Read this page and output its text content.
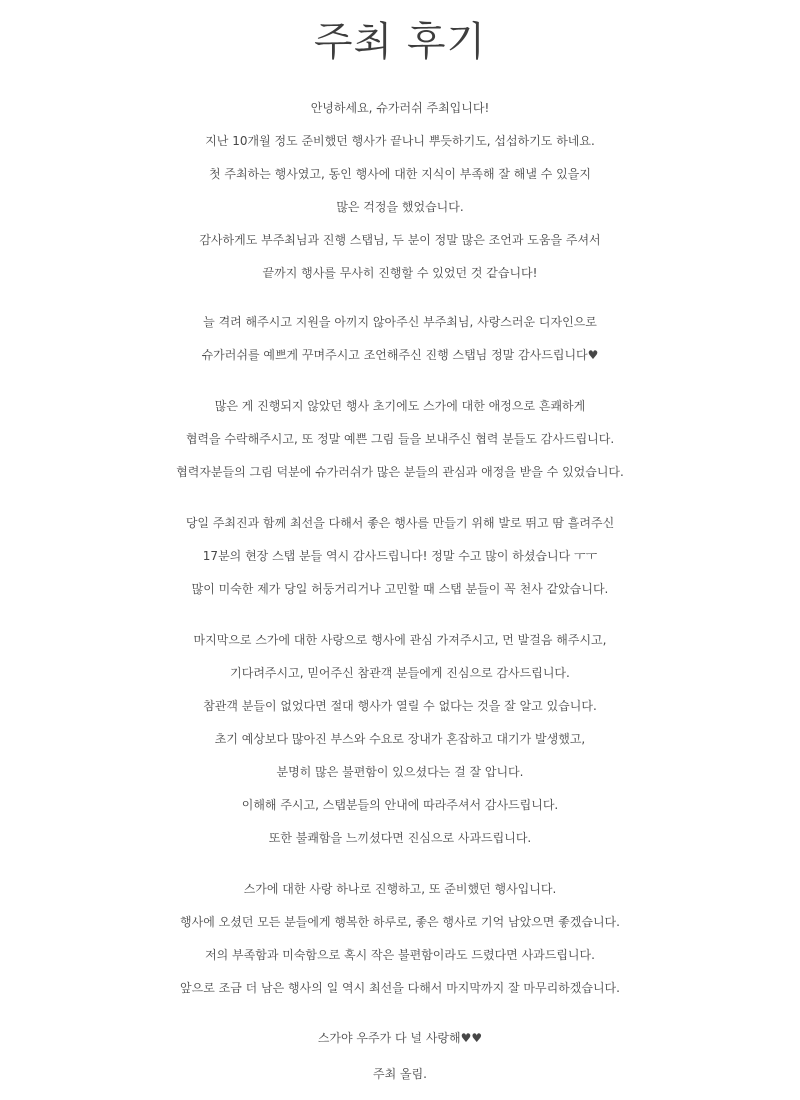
주최 후기
안녕하세요, 슈가러쉬 주최입니다!
지난 10개월 정도 준비했던 행사가 끝나니 뿌듯하기도, 섭섭하기도 하네요.
첫 주최하는 행사였고, 동인 행사에 대한 지식이 부족해 잘 해낼 수 있을지
많은 걱정을 했었습니다.
감사하게도 부주최님과 진행 스탭님, 두 분이 정말 많은 조언과 도움을 주셔서
끝까지 행사를 무사히 진행할 수 있었던 것 같습니다!
늘 격려 해주시고 지원을 아끼지 않아주신 부주최님, 사랑스러운 디자인으로
슈가러쉬를 예쁘게 꾸며주시고 조언해주신 진행 스탭님 정말 감사드립니다♥
많은 게 진행되지 않았던 행사 초기에도 스가에 대한 애정으로 흔쾌하게
협력을 수락해주시고, 또 정말 예쁜 그림 들을 보내주신 협력 분들도 감사드립니다.
협력자분들의 그림 덕분에 슈가러쉬가 많은 분들의 관심과 애정을 받을 수 있었습니다.
당일 주최진과 함께 최선을 다해서 좋은 행사를 만들기 위해 발로 뛰고 땀 흘려주신
17분의 현장 스탭 분들 역시 감사드립니다! 정말 수고 많이 하셨습니다 ㅜㅜ
많이 미숙한 제가 당일 허둥거리거나 고민할 때 스탭 분들이 꼭 천사 같았습니다.
마지막으로 스가에 대한 사랑으로 행사에 관심 가져주시고, 먼 발걸음 해주시고,
기다려주시고, 믿어주신 참관객 분들에게 진심으로 감사드립니다.
참관객 분들이 없었다면 절대 행사가 열릴 수 없다는 것을 잘 알고 있습니다.
초기 예상보다 많아진 부스와 수요로 장내가 혼잡하고 대기가 발생했고,
분명히 많은 불편함이 있으셨다는 걸 잘 압니다.
이해해 주시고, 스탭분들의 안내에 따라주셔서 감사드립니다.
또한 불쾌함을 느끼셨다면 진심으로 사과드립니다.
스가에 대한 사랑 하나로 진행하고, 또 준비했던 행사입니다.
행사에 오셨던 모든 분들에게 행복한 하루로, 좋은 행사로 기억 남았으면 좋겠습니다.
저의 부족함과 미숙함으로 혹시 작은 불편함이라도 드렸다면 사과드립니다.
앞으로 조금 더 남은 행사의 일 역시 최선을 다해서 마지막까지 잘 마무리하겠습니다.
스가야 우주가 다 널 사랑해♥♥
주최 올림.
